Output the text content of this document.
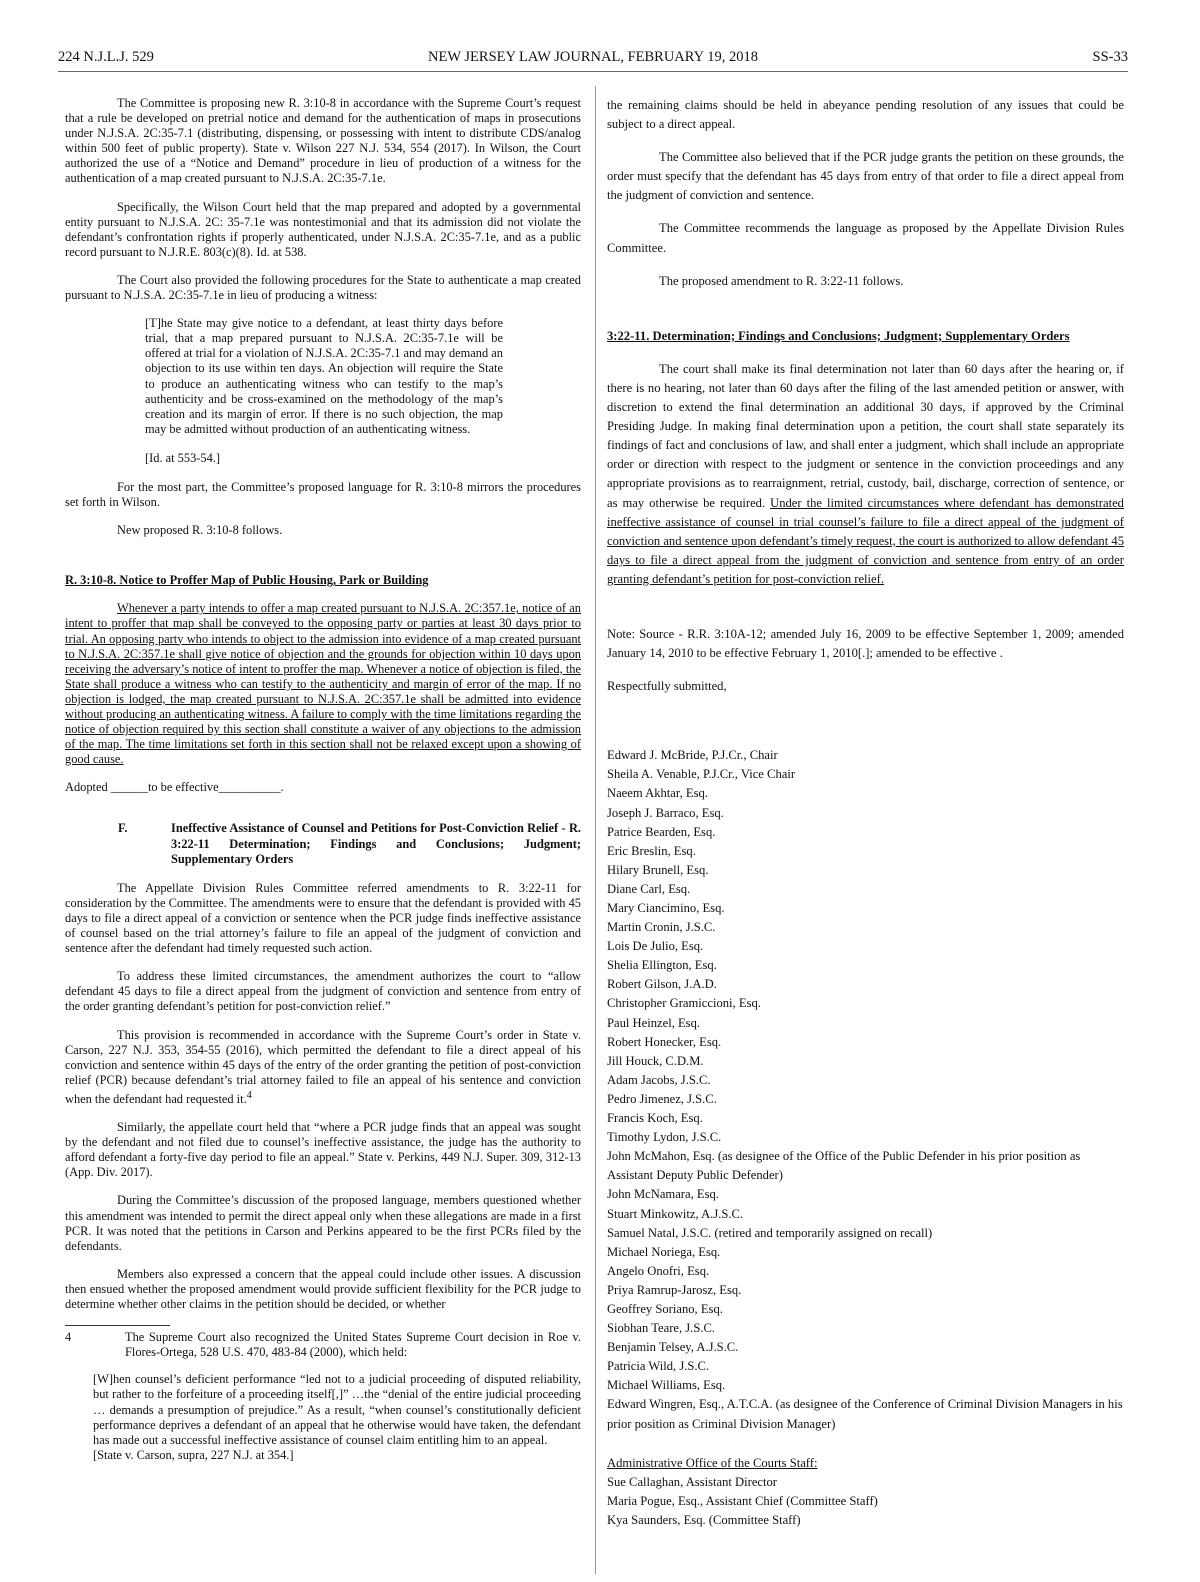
224 N.J.L.J. 529	NEW JERSEY LAW JOURNAL, FEBRUARY 19, 2018	SS-33

The Committee is proposing new R. 3:10-8 in accordance with the Supreme Court’s request that a rule be developed on pretrial notice and demand for the authentication of maps in prosecutions under N.J.S.A. 2C:35-7.1 (distributing, dispensing, or possessing with intent to distribute CDS/analog within 500 feet of public property). State v. Wilson 227 N.J. 534, 554 (2017). In Wilson, the Court authorized the use of a “Notice and Demand” procedure in lieu of production of a witness for the authentication of a map created pursuant to N.J.S.A. 2C:35-7.1e.

Specifically, the Wilson Court held that the map prepared and adopted by a governmental entity pursuant to N.J.S.A. 2C: 35-7.1e was nontestimonial and that its admission did not violate the defendant’s confrontation rights if properly authenticated, under N.J.S.A. 2C:35-7.1e, and as a public record pursuant to N.J.R.E. 803(c)(8). Id. at 538.

The Court also provided the following procedures for the State to authenticate a map created pursuant to N.J.S.A. 2C:35-7.1e in lieu of producing a witness:

[T]he State may give notice to a defendant, at least thirty days before trial, that a map prepared pursuant to N.J.S.A. 2C:35-7.1e will be offered at trial for a violation of N.J.S.A. 2C:35-7.1 and may demand an objection to its use within ten days. An objection will require the State to produce an authenticating witness who can testify to the map’s authenticity and be cross-examined on the methodology of the map’s creation and its margin of error. If there is no such objection, the map may be admitted without production of an authenticating witness.

[Id. at 553-54.]

For the most part, the Committee’s proposed language for R. 3:10-8 mirrors the procedures set forth in Wilson.

New proposed R. 3:10-8 follows.

R. 3:10-8. Notice to Proffer Map of Public Housing, Park or Building

Whenever a party intends to offer a map created pursuant to N.J.S.A. 2C:357.1e, notice of an intent to proffer that map shall be conveyed to the opposing party or parties at least 30 days prior to trial. An opposing party who intends to object to the admission into evidence of a map created pursuant to N.J.S.A. 2C:357.1e shall give notice of objection and the grounds for objection within 10 days upon receiving the adversary’s notice of intent to proffer the map. Whenever a notice of objection is filed, the State shall produce a witness who can testify to the authenticity and margin of error of the map. If no objection is lodged, the map created pursuant to N.J.S.A. 2C:357.1e shall be admitted into evidence without producing an authenticating witness. A failure to comply with the time limitations regarding the notice of objection required by this section shall constitute a waiver of any objections to the admission of the map. The time limitations set forth in this section shall not be relaxed except upon a showing of good cause.

Adopted ______to be effective__________.

F.	Ineffective Assistance of Counsel and Petitions for Post-Conviction Relief - R. 3:22-11 Determination; Findings and Conclusions; Judgment; Supplementary Orders

The Appellate Division Rules Committee referred amendments to R. 3:22-11 for consideration by the Committee. The amendments were to ensure that the defendant is provided with 45 days to file a direct appeal of a conviction or sentence when the PCR judge finds ineffective assistance of counsel based on the trial attorney’s failure to file an appeal of the judgment of conviction and sentence after the defendant had timely requested such action.

To address these limited circumstances, the amendment authorizes the court to “allow defendant 45 days to file a direct appeal from the judgment of conviction and sentence from entry of the order granting defendant’s petition for post-conviction relief.”

This provision is recommended in accordance with the Supreme Court’s order in State v. Carson, 227 N.J. 353, 354-55 (2016), which permitted the defendant to file a direct appeal of his conviction and sentence within 45 days of the entry of the order granting the petition of post-conviction relief (PCR) because defendant’s trial attorney failed to file an appeal of his sentence and conviction when the defendant had requested it.$^4$

Similarly, the appellate court held that “where a PCR judge finds that an appeal was sought by the defendant and not filed due to counsel’s ineffective assistance, the judge has the authority to afford defendant a forty-five day period to file an appeal.” State v. Perkins, 449 N.J. Super. 309, 312-13 (App. Div. 2017).

During the Committee’s discussion of the proposed language, members questioned whether this amendment was intended to permit the direct appeal only when these allegations are made in a first PCR. It was noted that the petitions in Carson and Perkins appeared to be the first PCRs filed by the defendants.

Members also expressed a concern that the appeal could include other issues. A discussion then ensued whether the proposed amendment would provide sufficient flexibility for the PCR judge to determine whether other claims in the petition should be decided, or whether

4	The Supreme Court also recognized the United States Supreme Court decision in Roe v. Flores-Ortega, 528 U.S. 470, 483-84 (2000), which held:
[W]hen counsel’s deficient performance “led not to a judicial proceeding of disputed reliability, but rather to the forfeiture of a proceeding itself[,]” …the “denial of the entire judicial proceeding … demands a presumption of prejudice.” As a result, “when counsel’s constitutionally deficient performance deprives a defendant of an appeal that he otherwise would have taken, the defendant has made out a successful ineffective assistance of counsel claim entitling him to an appeal.
[State v. Carson, supra, 227 N.J. at 354.]

the remaining claims should be held in abeyance pending resolution of any issues that could be subject to a direct appeal.

The Committee also believed that if the PCR judge grants the petition on these grounds, the order must specify that the defendant has 45 days from entry of that order to file a direct appeal from the judgment of conviction and sentence.

The Committee recommends the language as proposed by the Appellate Division Rules Committee.

The proposed amendment to R. 3:22-11 follows.

3:22-11. Determination; Findings and Conclusions; Judgment; Supplementary Orders

The court shall make its final determination not later than 60 days after the hearing or, if there is no hearing, not later than 60 days after the filing of the last amended petition or answer, with discretion to extend the final determination an additional 30 days, if approved by the Criminal Presiding Judge. In making final determination upon a petition, the court shall state separately its findings of fact and conclusions of law, and shall enter a judgment, which shall include an appropriate order or direction with respect to the judgment or sentence in the conviction proceedings and any appropriate provisions as to rearraignment, retrial, custody, bail, discharge, correction of sentence, or as may otherwise be required. Under the limited circumstances where defendant has demonstrated ineffective assistance of counsel in trial counsel’s failure to file a direct appeal of the judgment of conviction and sentence upon defendant’s timely request, the court is authorized to allow defendant 45 days to file a direct appeal from the judgment of conviction and sentence from entry of an order granting defendant’s petition for post-conviction relief.

Note: Source - R.R. 3:10A-12; amended July 16, 2009 to be effective September 1, 2009; amended January 14, 2010 to be effective February 1, 2010[.]; amended to be effective .

Respectfully submitted,

Edward J. McBride, P.J.Cr., Chair
Sheila A. Venable, P.J.Cr., Vice Chair
Naeem Akhtar, Esq.
Joseph J. Barraco, Esq.
Patrice Bearden, Esq.
Eric Breslin, Esq.
Hilary Brunell, Esq.
Diane Carl, Esq.
Mary Ciancimino, Esq.
Martin Cronin, J.S.C.
Lois De Julio, Esq.
Shelia Ellington, Esq.
Robert Gilson, J.A.D.
Christopher Gramiccioni, Esq.
Paul Heinzel, Esq.
Robert Honecker, Esq.
Jill Houck, C.D.M.
Adam Jacobs, J.S.C.
Pedro Jimenez, J.S.C.
Francis Koch, Esq.
Timothy Lydon, J.S.C.
John McMahon, Esq. (as designee of the Office of the Public Defender in his prior position as Assistant Deputy Public Defender)
John McNamara, Esq.
Stuart Minkowitz, A.J.S.C.
Samuel Natal, J.S.C. (retired and temporarily assigned on recall)
Michael Noriega, Esq.
Angelo Onofri, Esq.
Priya Ramrup-Jarosz, Esq.
Geoffrey Soriano, Esq.
Siobhan Teare, J.S.C.
Benjamin Telsey, A.J.S.C.
Patricia Wild, J.S.C.
Michael Williams, Esq.
Edward Wingren, Esq., A.T.C.A. (as designee of the Conference of Criminal Division Managers in his prior position as Criminal Division Manager)
Administrative Office of the Courts Staff:
Sue Callaghan, Assistant Director
Maria Pogue, Esq., Assistant Chief (Committee Staff)
Kya Saunders, Esq. (Committee Staff)
